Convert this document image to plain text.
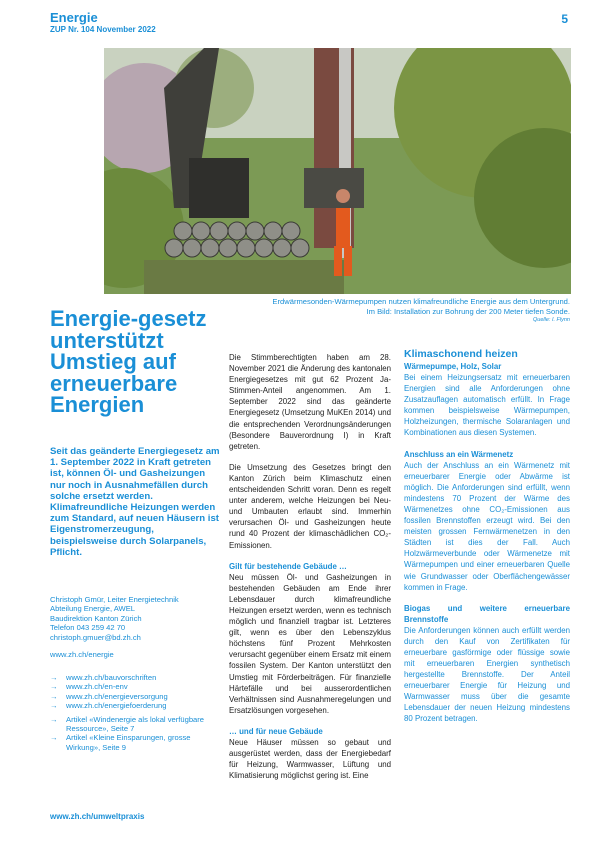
Energie
ZUP Nr. 104 November 2022
5
Erdwärmesonden-Wärmepumpen nutzen klimafreundliche Energie aus dem Untergrund.
Im Bild: Installation zur Bohrung der 200 Meter tiefen Sonde.
Quelle: I. Flynn
Energie-gesetz unterstützt Umstieg auf erneuerbare Energien
Seit das geänderte Energiegesetz am 1. September 2022 in Kraft getreten ist, können Öl- und Gasheizungen nur noch in Ausnahmefällen durch solche ersetzt werden. Klimafreundliche Heizungen werden zum Standard, auf neuen Häusern ist Eigenstromerzeugung, beispielsweise durch Solarpanels, Pflicht.
Christoph Gmür, Leiter Energietechnik
Abteilung Energie, AWEL
Baudirektion Kanton Zürich
Telefon 043 259 42 70
christoph.gmuer@bd.zh.ch
www.zh.ch/energie
→	www.zh.ch/bauvorschriften
→	www.zh.ch/en-env
→	www.zh.ch/energieversorgung
→	www.zh.ch/energiefoerderung
→	Artikel «Windenergie als lokal verfügbare Ressource», Seite 7
→	Artikel «Kleine Einsparungen, grosse Wirkung», Seite 9

Die Stimmberechtigten haben am 28. November 2021 die Änderung des kantonalen Energiegesetzes mit gut 62 Prozent Ja-Stimmen-Anteil angenommen. Am 1. September 2022 sind das geänderte Energiegesetz (Umsetzung MuKEn 2014) und die entsprechenden Verordnungsänderungen (Besondere Bauverordnung I) in Kraft getreten.

Die Umsetzung des Gesetzes bringt den Kanton Zürich beim Klimaschutz einen entscheidenden Schritt voran. Denn es regelt unter anderem, welche Heizungen bei Neu- und Umbauten erlaubt sind. Immerhin verursachen Öl- und Gasheizungen heute rund 40 Prozent der klimaschädlichen CO₂-Emissionen.

Gilt für bestehende Gebäude …

Neu müssen Öl- und Gasheizungen in bestehenden Gebäuden am Ende ihrer Lebensdauer durch klimafreundliche Heizungen ersetzt werden, wenn es technisch möglich und finanziell tragbar ist. Letzteres gilt, wenn es über den Lebenszyklus höchstens fünf Prozent Mehrkosten verursacht gegenüber einem Ersatz mit einem fossilen System. Der Kanton unterstützt den Umstieg mit Förderbeiträgen. Für finanzielle Härtefälle und bei ausserordentlichen Verhältnissen sind Ausnahmeregelungen und Ersatzlösungen vorgesehen.

… und für neue Gebäude

Neue Häuser müssen so gebaut und ausgerüstet werden, dass der Energiebedarf für Heizung, Warmwasser, Lüftung und Klimatisierung möglichst gering ist. Eine

Klimaschonend heizen
Wärmepumpe, Holz, Solar

Bei einem Heizungsersatz mit erneuerbaren Energien sind alle Anforderungen ohne Zusatzauflagen automatisch erfüllt. In Frage kommen beispielsweise Wärmepumpen, Holzheizungen, thermische Solaranlagen und Kombinationen aus diesen Systemen.

Anschluss an ein Wärmenetz

Auch der Anschluss an ein Wärmenetz mit erneuerbarer Energie oder Abwärme ist möglich. Die Anforderungen sind erfüllt, wenn mindestens 70 Prozent der Wärme des Wärmenetzes ohne CO₂-Emissionen aus fossilen Brennstoffen erzeugt wird. Bei den meisten grossen Fernwärmenetzen in den Städten ist dies der Fall. Auch Holzwärmeverbunde oder Wärmenetze mit Wärmepumpen und einer erneuerbaren Quelle wie Grundwasser oder Oberflächengewässer kommen in Frage.

Biogas und weitere erneuerbare Brennstoffe

Die Anforderungen können auch erfüllt werden durch den Kauf von Zertifikaten für erneuerbare gasförmige oder flüssige sowie mit erneuerbaren Energien synthetisch hergestellte Brennstoffe. Der Anteil erneuerbarer Energie für Heizung und Warmwasser muss über die gesamte Lebensdauer der neuen Heizung mindestens 80 Prozent betragen.

www.zh.ch/umweltpraxis
